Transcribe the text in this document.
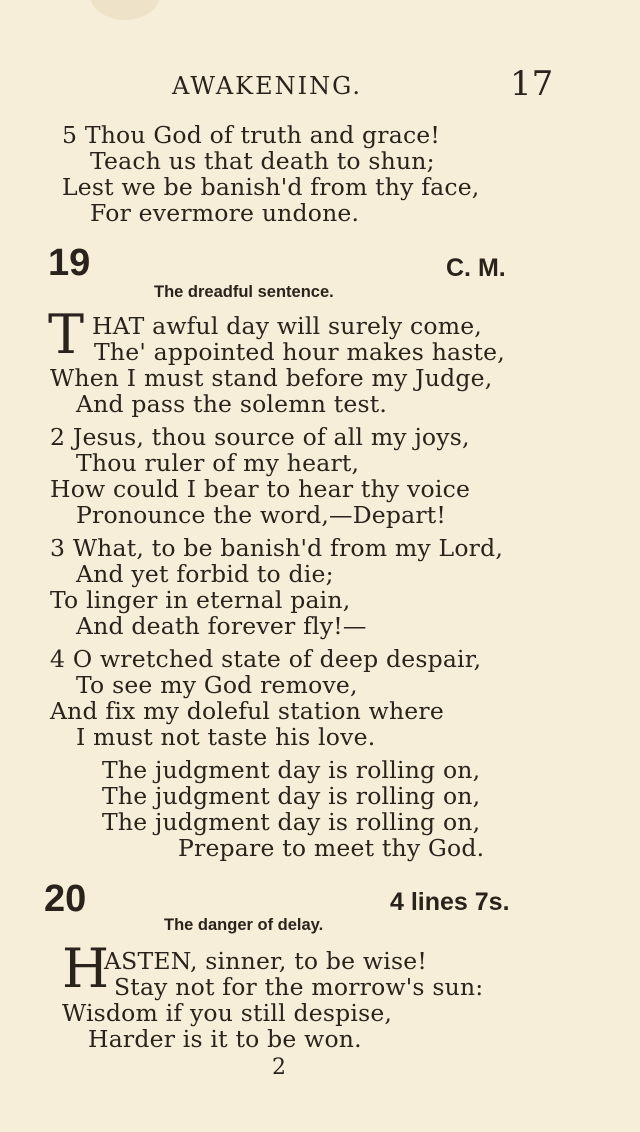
AWAKENING.	17
5 Thou God of truth and grace!
Teach us that death to shun;
Lest we be banish'd from thy face,
For evermore undone.
19	C. M.
The dreadful sentence.
T HAT awful day will surely come,
The' appointed hour makes haste,
When I must stand before my Judge,
And pass the solemn test.
2 Jesus, thou source of all my joys,
Thou ruler of my heart,
How could I bear to hear thy voice
Pronounce the word,—Depart!
3 What, to be banish'd from my Lord,
And yet forbid to die;
To linger in eternal pain,
And death forever fly!—
4 O wretched state of deep despair,
To see my God remove,
And fix my doleful station where
I must not taste his love.
The judgment day is rolling on,
The judgment day is rolling on,
The judgment day is rolling on,
Prepare to meet thy God.
20	4 lines 7s.
The danger of delay.
H
ASTEN, sinner, to be wise!
Stay not for the morrow's sun:
Wisdom if you still despise,
Harder is it to be won.
2
